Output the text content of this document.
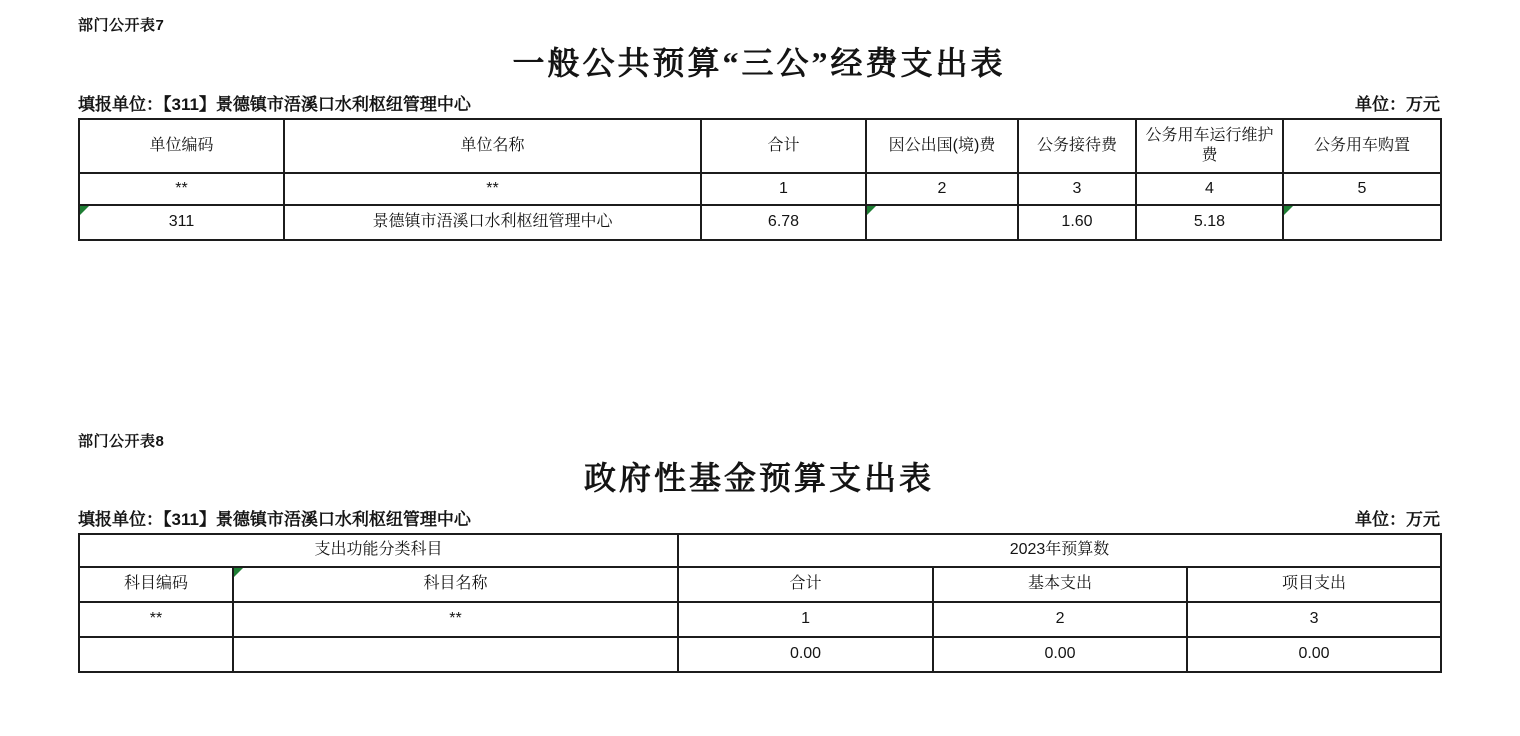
部门公开表7
一般公共预算“三公”经费支出表
填报单位：【311】景德镇市浯溪口水利枢纽管理中心	单位：万元
单位编码	单位名称	合计	因公出国(境)费	公务接待费	公务用车运行维护费	公务用车购置
**	**	1	2	3	4	5

311	景德镇市浯溪口水利枢纽管理中心	6.78		1.60	5.18	
部门公开表8
政府性基金预算支出表
填报单位：【311】景德镇市浯溪口水利枢纽管理中心	单位：万元
支出功能分类科目		2023年预算数		
科目编码	科目名称	合计	基本支出	项目支出
**	**	1	2	3
		0.00	0.00	0.00
